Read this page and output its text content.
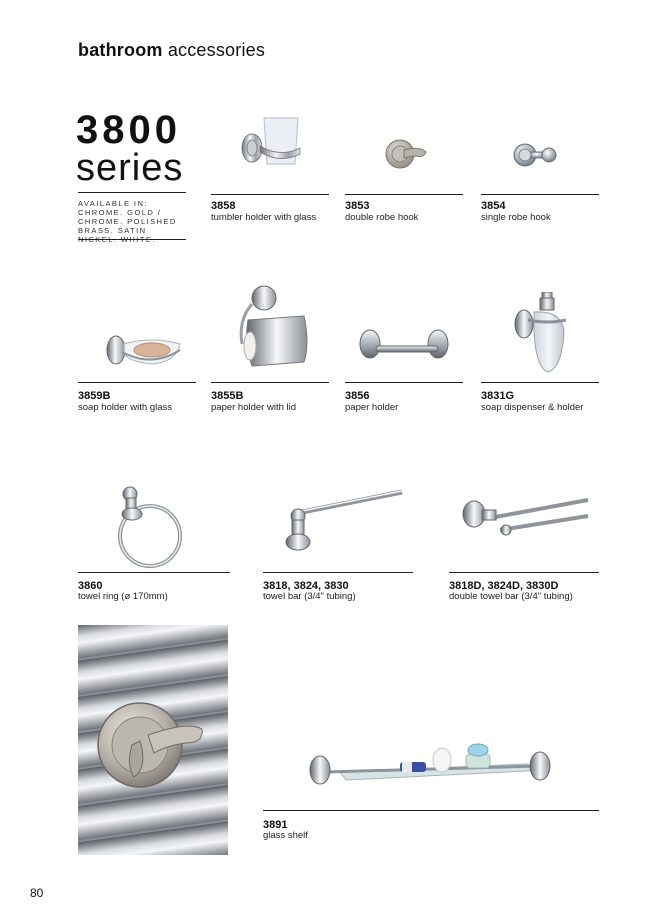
bathroom accessories
3800
series
AVAILABLE IN: CHROME. GOLD / CHROME. POLISHED BRASS. SATIN
3858
tumbler holder with glass
3853
double robe hook
3854
single robe hook
3859B
soap holder with glass
3855B
paper holder with lid
3856
paper holder
3831G
soap dispenser & holder
3860
towel ring (ø 170mm)
3818, 3824, 3830
towel bar (3/4" tubing)
3818D, 3824D, 3830D
double towel bar (3/4" tubing)
3891
glass shelf
80
